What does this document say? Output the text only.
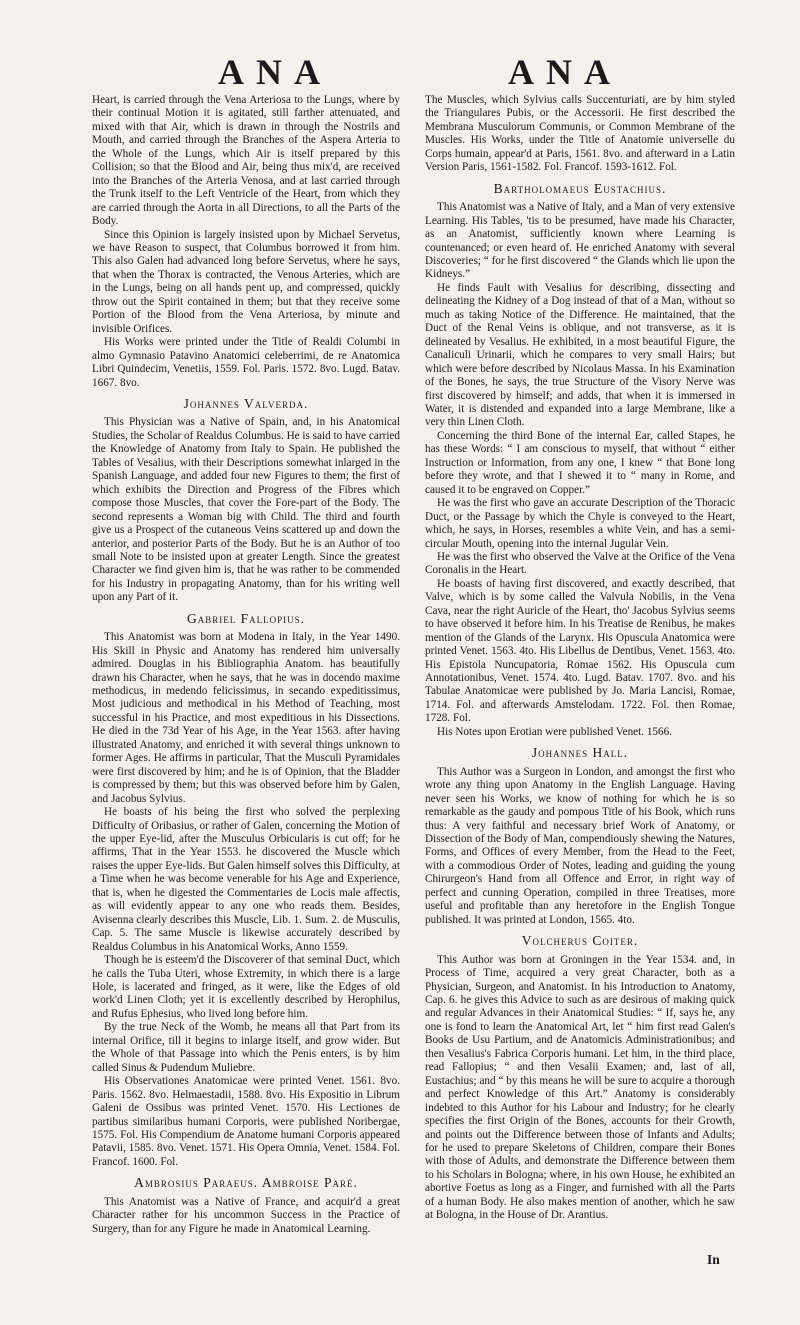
ANA	ANA

Heart, is carried through the Vena Arteriosa to the Lungs, where by their continual Motion it is agitated, still farther attenuated, and mixed with that Air, which is drawn in through the Nostrils and Mouth, and carried through the Branches of the Aspera Arteria to the Whole of the Lungs, which Air is itself prepared by this Collision; so that the Blood and Air, being thus mix'd, are received into the Branches of the Arteria Venosa, and at last carried through the Trunk itself to the Left Ventricle of the Heart, from which they are carried through the Aorta in all Directions, to all the Parts of the Body.

Since this Opinion is largely insisted upon by Michael Servetus, we have Reason to suspect, that Columbus borrowed it from him. This also Galen had advanced long before Servetus, where he says, that when the Thorax is contracted, the Venous Arteries, which are in the Lungs, being on all hands pent up, and compressed, quickly throw out the Spirit contained in them; but that they receive some Portion of the Blood from the Vena Arteriosa, by minute and invisible Orifices.

His Works were printed under the Title of Realdi Columbi in almo Gymnasio Patavino Anatomici celeberrimi, de re Anatomica Libri Quindecim, Venetiis, 1559. Fol. Paris. 1572. 8vo. Lugd. Batav. 1667. 8vo.

Johannes Valverda.

This Physician was a Native of Spain, and, in his Anatomical Studies, the Scholar of Realdus Columbus. He is said to have carried the Knowledge of Anatomy from Italy to Spain. He published the Tables of Vesalius, with their Descriptions somewhat inlarged in the Spanish Language, and added four new Figures to them; the first of which exhibits the Direction and Progress of the Fibres which compose those Muscles, that cover the Fore-part of the Body. The second represents a Woman big with Child. The third and fourth give us a Prospect of the cutaneous Veins scattered up and down the anterior, and posterior Parts of the Body. But he is an Author of too small Note to be insisted upon at greater Length. Since the greatest Character we find given him is, that he was rather to be commended for his Industry in propagating Anatomy, than for his writing well upon any Part of it.

Gabriel Fallopius.

This Anatomist was born at Modena in Italy, in the Year 1490. His Skill in Physic and Anatomy has rendered him universally admired. Douglas in his Bibliographia Anatom. has beautifully drawn his Character, when he says, that he was in docendo maxime methodicus, in medendo felicissimus, in secando expeditissimus, Most judicious and methodical in his Method of Teaching, most successful in his Practice, and most expeditious in his Dissections. He died in the 73d Year of his Age, in the Year 1563. after having illustrated Anatomy, and enriched it with several things unknown to former Ages. He affirms in particular, That the Musculi Pyramidales were first discovered by him; and he is of Opinion, that the Bladder is compressed by them; but this was observed before him by Galen, and Jacobus Sylvius.

He boasts of his being the first who solved the perplexing Difficulty of Oribasius, or rather of Galen, concerning the Motion of the upper Eye-lid, after the Musculus Orbicularis is cut off; for he affirms, That in the Year 1553. he discovered the Muscle which raises the upper Eye-lids. But Galen himself solves this Difficulty, at a Time when he was become venerable for his Age and Experience, that is, when he digested the Commentaries de Locis male affectis, as will evidently appear to any one who reads them. Besides, Avisenna clearly describes this Muscle, Lib. 1. Sum. 2. de Musculis, Cap. 5. The same Muscle is likewise accurately described by Realdus Columbus in his Anatomical Works, Anno 1559.

Though he is esteem'd the Discoverer of that seminal Duct, which he calls the Tuba Uteri, whose Extremity, in which there is a large Hole, is lacerated and fringed, as it were, like the Edges of old work'd Linen Cloth; yet it is excellently described by Herophilus, and Rufus Ephesius, who lived long before him.

By the true Neck of the Womb, he means all that Part from its internal Orifice, till it begins to inlarge itself, and grow wider. But the Whole of that Passage into which the Penis enters, is by him called Sinus & Pudendum Muliebre.

His Observationes Anatomicae were printed Venet. 1561. 8vo. Paris. 1562. 8vo. Helmaestadii, 1588. 8vo. His Expositio in Librum Galeni de Ossibus was printed Venet. 1570. His Lectiones de partibus similaribus humani Corporis, were published Noribergae, 1575. Fol. His Compendium de Anatome humani Corporis appeared Patavii, 1585. 8vo. Venet. 1571. His Opera Omnia, Venet. 1584. Fol. Francof. 1600. Fol.

Ambrosius Paraeus. Ambroise Paré.

This Anatomist was a Native of France, and acquir'd a great Character rather for his uncommon Success in the Practice of Surgery, than for any Figure he made in Anatomical Learning.

The Muscles, which Sylvius calls Succenturiati, are by him styled the Triangulares Pubis, or the Accessorii. He first described the Membrana Musculorum Communis, or Common Membrane of the Muscles. His Works, under the Title of Anatomie universelle du Corps humain, appear'd at Paris, 1561. 8vo. and afterward in a Latin Version Paris, 1561-1582. Fol. Francof. 1593-1612. Fol.

Bartholomaeus Eustachius.

This Anatomist was a Native of Italy, and a Man of very extensive Learning. His Tables, 'tis to be presumed, have made his Character, as an Anatomist, sufficiently known where Learning is countenanced; or even heard of. He enriched Anatomy with several Discoveries; “ for he first discovered “ the Glands which lie upon the Kidneys.”

He finds Fault with Vesalius for describing, dissecting and delineating the Kidney of a Dog instead of that of a Man, without so much as taking Notice of the Difference. He maintained, that the Duct of the Renal Veins is oblique, and not transverse, as it is delineated by Vesalius. He exhibited, in a most beautiful Figure, the Canaliculi Urinarii, which he compares to very small Hairs; but which were before described by Nicolaus Massa. In his Examination of the Bones, he says, the true Structure of the Visory Nerve was first discovered by himself; and adds, that when it is immersed in Water, it is distended and expanded into a large Membrane, like a very thin Linen Cloth.

Concerning the third Bone of the internal Ear, called Stapes, he has these Words: “ I am conscious to myself, that without “ either Instruction or Information, from any one, I knew “ that Bone long before they wrote, and that I shewed it to “ many in Rome, and caused it to be engraved on Copper.”

He was the first who gave an accurate Description of the Thoracic Duct, or the Passage by which the Chyle is conveyed to the Heart, which, he says, in Horses, resembles a white Vein, and has a semi-circular Mouth, opening into the internal Jugular Vein.

He was the first who observed the Valve at the Orifice of the Vena Coronalis in the Heart.

He boasts of having first discovered, and exactly described, that Valve, which is by some called the Valvula Nobilis, in the Vena Cava, near the right Auricle of the Heart, tho' Jacobus Sylvius seems to have observed it before him. In his Treatise de Renibus, he makes mention of the Glands of the Larynx. His Opuscula Anatomica were printed Venet. 1563. 4to. His Libellus de Dentibus, Venet. 1563. 4to. His Epistola Nuncupatoria, Romae 1562. His Opuscula cum Annotationibus, Venet. 1574. 4to. Lugd. Batav. 1707. 8vo. and his Tabulae Anatomicae were published by Jo. Maria Lancisi, Romae, 1714. Fol. and afterwards Amstelodam. 1722. Fol. then Romae, 1728. Fol.

His Notes upon Erotian were published Venet. 1566.

Johannes Hall.

This Author was a Surgeon in London, and amongst the first who wrote any thing upon Anatomy in the English Language. Having never seen his Works, we know of nothing for which he is so remarkable as the gaudy and pompous Title of his Book, which runs thus: A very faithful and necessary brief Work of Anatomy, or Dissection of the Body of Man, compendiously shewing the Natures, Forms, and Offices of every Member, from the Head to the Feet, with a commodious Order of Notes, leading and guiding the young Chirurgeon's Hand from all Offence and Error, in right way of perfect and cunning Operation, compiled in three Treatises, more useful and profitable than any heretofore in the English Tongue published. It was printed at London, 1565. 4to.

Volcherus Coiter.

This Author was born at Groningen in the Year 1534. and, in Process of Time, acquired a very great Character, both as a Physician, Surgeon, and Anatomist. In his Introduction to Anatomy, Cap. 6. he gives this Advice to such as are desirous of making quick and regular Advances in their Anatomical Studies: “ If, says he, any one is fond to learn the Anatomical Art, let “ him first read Galen's Books de Usu Partium, and de Anatomicis Administrationibus; and then Vesalius's Fabrica Corporis humani. Let him, in the third place, read Fallopius; “ and then Vesalii Examen; and, last of all, Eustachius; and “ by this means he will be sure to acquire a thorough and perfect Knowledge of this Art.” Anatomy is considerably indebted to this Author for his Labour and Industry; for he clearly specifies the first Origin of the Bones, accounts for their Growth, and points out the Difference between those of Infants and Adults; for he used to prepare Skeletons of Children, compare their Bones with those of Adults, and demonstrate the Difference between them to his Scholars in Bologna; where, in his own House, he exhibited an abortive Foetus as long as a Finger, and furnished with all the Parts of a human Body. He also makes mention of another, which he saw at Bologna, in the House of Dr. Arantius.

In
